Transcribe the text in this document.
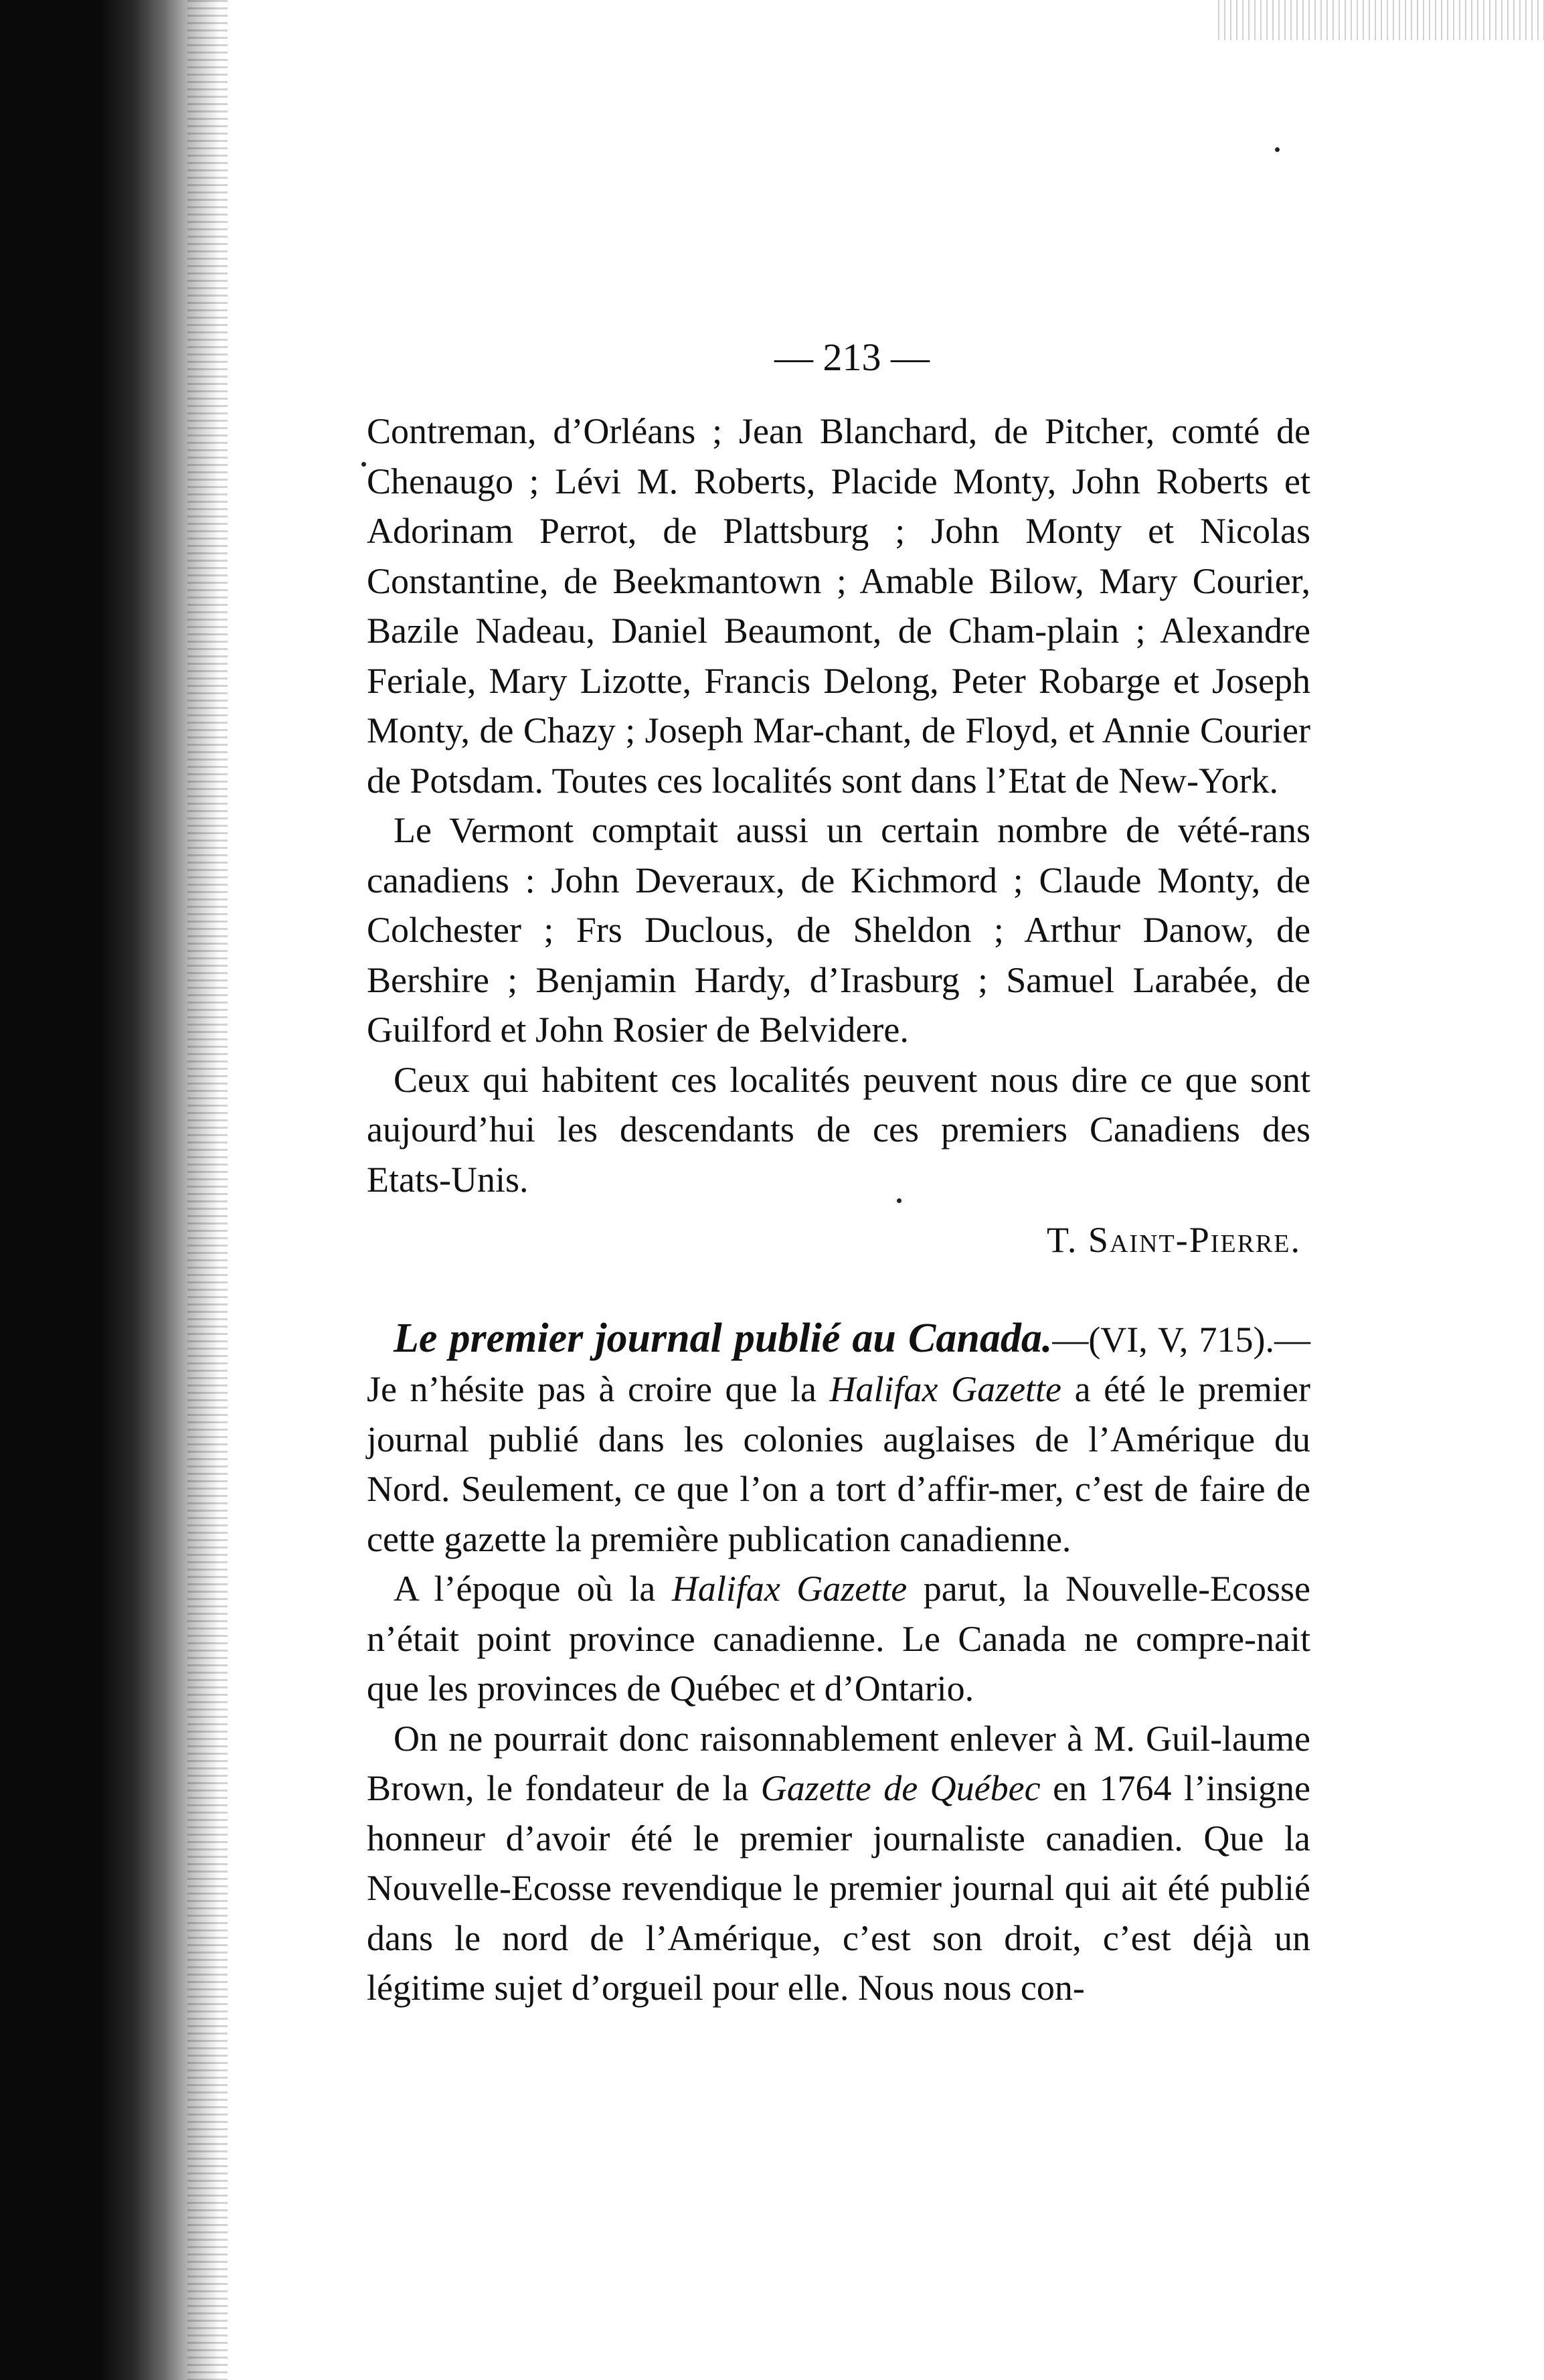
— 213 —

Contreman, d’Orléans ; Jean Blanchard, de Pitcher, comté de Chenaugo ; Lévi M. Roberts, Placide Monty, John Roberts et Adorinam Perrot, de Plattsburg ; John Monty et Nicolas Constantine, de Beekmantown ; Amable Bilow, Mary Courier, Bazile Nadeau, Daniel Beaumont, de Cham-plain ; Alexandre Feriale, Mary Lizotte, Francis Delong, Peter Robarge et Joseph Monty, de Chazy ; Joseph Mar-chant, de Floyd, et Annie Courier de Potsdam. Toutes ces localités sont dans l’Etat de New-York.

Le Vermont comptait aussi un certain nombre de vété-rans canadiens : John Deveraux, de Kichmord ; Claude Monty, de Colchester ; Frs Duclous, de Sheldon ; Arthur Danow, de Bershire ; Benjamin Hardy, d’Irasburg ; Samuel Larabée, de Guilford et John Rosier de Belvidere.

Ceux qui habitent ces localités peuvent nous dire ce que sont aujourd’hui les descendants de ces premiers Canadiens des Etats-Unis.

T. Saint-Pierre.

Le premier journal publié au Canada.—(VI, V, 715).—Je n’hésite pas à croire que la Halifax Gazette a été le premier journal publié dans les colonies auglaises de l’Amérique du Nord. Seulement, ce que l’on a tort d’affir-mer, c’est de faire de cette gazette la première publication canadienne.

A l’époque où la Halifax Gazette parut, la Nouvelle-Ecosse n’était point province canadienne. Le Canada ne compre-nait que les provinces de Québec et d’Ontario.

On ne pourrait donc raisonnablement enlever à M. Guil-laume Brown, le fondateur de la Gazette de Québec en 1764 l’insigne honneur d’avoir été le premier journaliste canadien. Que la Nouvelle-Ecosse revendique le premier journal qui ait été publié dans le nord de l’Amérique, c’est son droit, c’est déjà un légitime sujet d’orgueil pour elle. Nous nous con-
